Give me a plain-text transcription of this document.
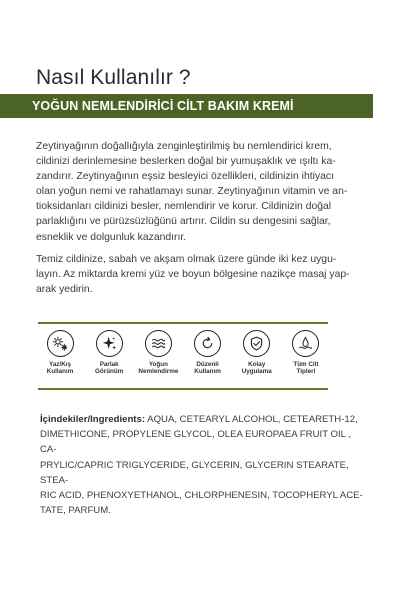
Nasıl Kullanılır ?
YOĞUN NEMLENDİRİCİ CİLT BAKIM KREMİ
Zeytinyağının doğallığıyla zenginleştirilmiş bu nemlendirici krem,
cildinizi derinlemesine beslerken doğal bir yumuşaklık ve ışıltı ka-
zandırır. Zeytinyağının eşsiz besleyici özellikleri, cildinizin ihtiyacı
olan yoğun nemi ve rahatlamayı sunar. Zeytinyağının vitamin ve an-
tioksidanları cildinizi besler, nemlendirir ve korur. Cildinizin doğal
parlaklığını ve pürüzsüzlüğünü artırır. Cildin su dengesini sağlar,
esneklik ve dolgunluk kazandırır.
Temiz cildinize, sabah ve akşam olmak üzere günde iki kez uygu-
layın. Az miktarda kremi yüz ve boyun bölgesine nazikçe masaj yap-
arak yedirin.
Yaz/Kış
Kullanım
Parlak
Görünüm
Yoğun
Nemlendirme
Düzenli
Kullanım
Kolay
Uygulama
Tüm Cilt
Tipleri
İçindekiler/Ingredients: AQUA, CETEARYL ALCOHOL, CETEARETH-12,
DIMETHICONE, PROPYLENE GLYCOL, OLEA EUROPAEA FRUIT OIL , CA-
PRYLIC/CAPRIC TRIGLYCERIDE, GLYCERIN, GLYCERIN STEARATE, STEA-
RIC ACID, PHENOXYETHANOL, CHLORPHENESIN, TOCOPHERYL ACE-
TATE, PARFUM.
